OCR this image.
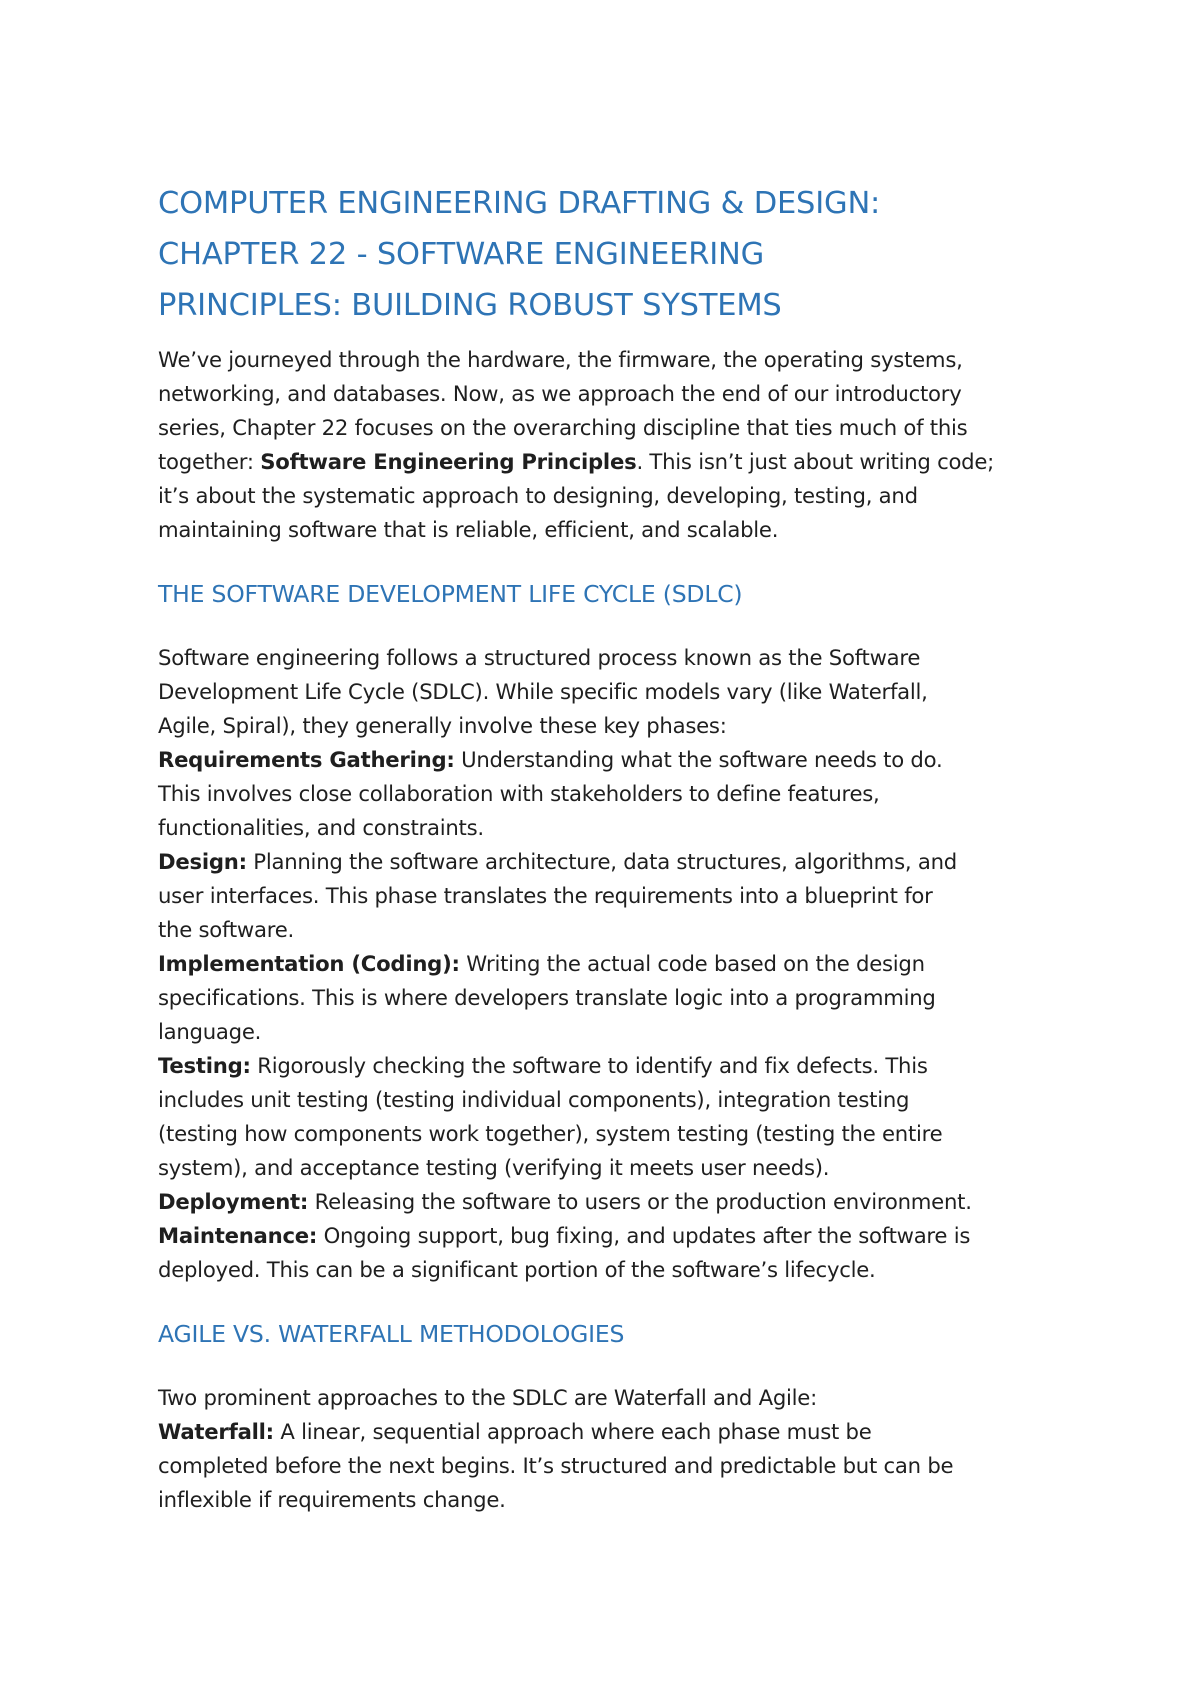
COMPUTER ENGINEERING DRAFTING & DESIGN:
CHAPTER 22 - SOFTWARE ENGINEERING
PRINCIPLES: BUILDING ROBUST SYSTEMS

We’ve journeyed through the hardware, the firmware, the operating systems,
networking, and databases. Now, as we approach the end of our introductory
series, Chapter 22 focuses on the overarching discipline that ties much of this
together: Software Engineering Principles. This isn’t just about writing code;
it’s about the systematic approach to designing, developing, testing, and
maintaining software that is reliable, efficient, and scalable.

THE SOFTWARE DEVELOPMENT LIFE CYCLE (SDLC)
Software engineering follows a structured process known as the Software
Development Life Cycle (SDLC). While specific models vary (like Waterfall,
Agile, Spiral), they generally involve these key phases:
Requirements Gathering: Understanding what the software needs to do.
This involves close collaboration with stakeholders to define features,
functionalities, and constraints.
Design: Planning the software architecture, data structures, algorithms, and
user interfaces. This phase translates the requirements into a blueprint for
the software.
Implementation (Coding): Writing the actual code based on the design
specifications. This is where developers translate logic into a programming
language.
Testing: Rigorously checking the software to identify and fix defects. This
includes unit testing (testing individual components), integration testing
(testing how components work together), system testing (testing the entire
system), and acceptance testing (verifying it meets user needs).
Deployment: Releasing the software to users or the production environment.
Maintenance: Ongoing support, bug fixing, and updates after the software is
deployed. This can be a significant portion of the software’s lifecycle.
AGILE VS. WATERFALL METHODOLOGIES
Two prominent approaches to the SDLC are Waterfall and Agile:
Waterfall: A linear, sequential approach where each phase must be
completed before the next begins. It’s structured and predictable but can be
inflexible if requirements change.
